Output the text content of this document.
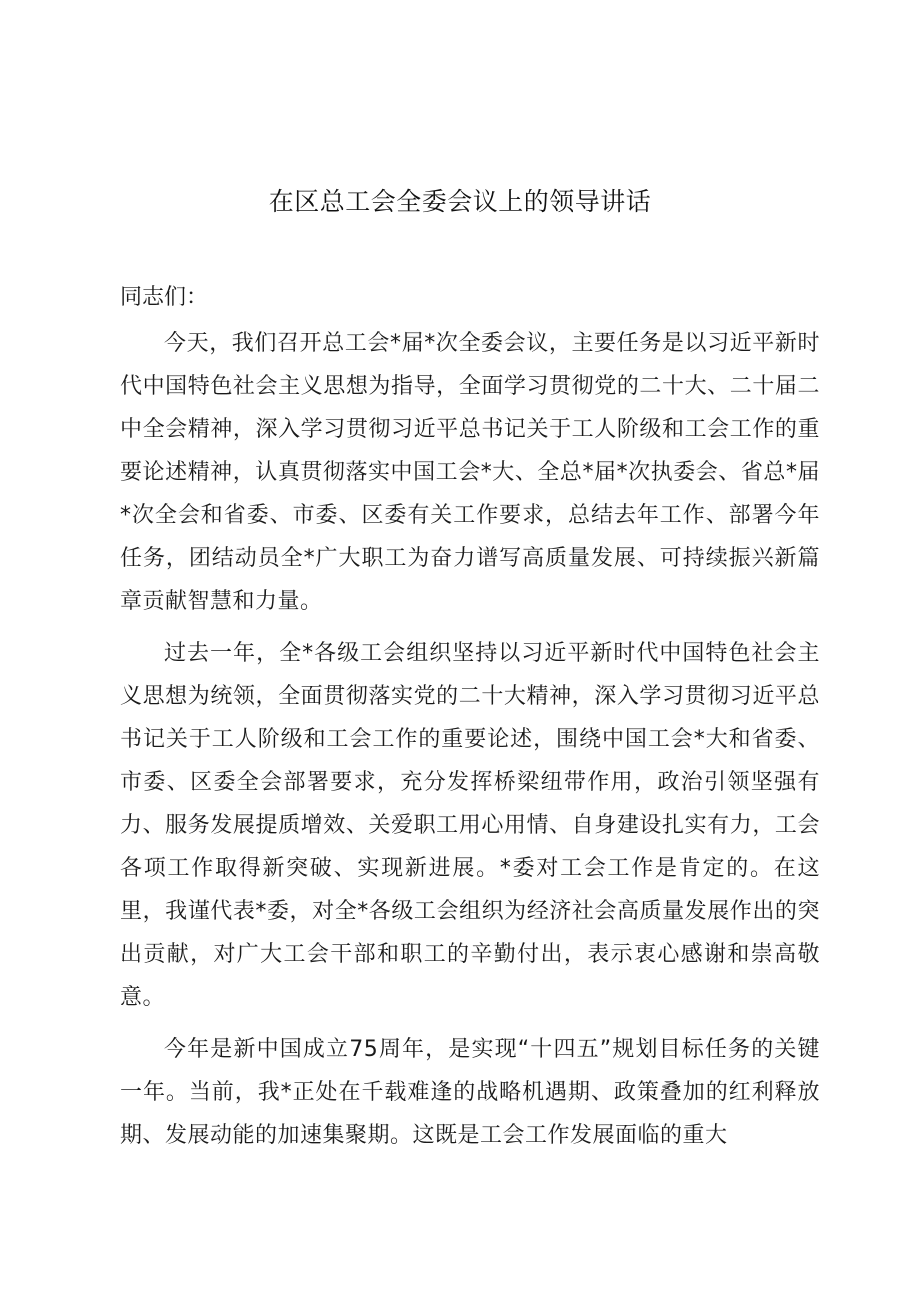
在区总工会全委会议上的领导讲话

同志们：

今天，我们召开总工会*届*次全委会议，主要任务是以习近平新时代中国特色社会主义思想为指导，全面学习贯彻党的二十大、二十届二中全会精神，深入学习贯彻习近平总书记关于工人阶级和工会工作的重要论述精神，认真贯彻落实中国工会*大、全总*届*次执委会、省总*届*次全会和省委、市委、区委有关工作要求，总结去年工作、部署今年任务，团结动员全*广大职工为奋力谱写高质量发展、可持续振兴新篇章贡献智慧和力量。

过去一年，全*各级工会组织坚持以习近平新时代中国特色社会主义思想为统领，全面贯彻落实党的二十大精神，深入学习贯彻习近平总书记关于工人阶级和工会工作的重要论述，围绕中国工会*大和省委、市委、区委全会部署要求，充分发挥桥梁纽带作用，政治引领坚强有力、服务发展提质增效、关爱职工用心用情、自身建设扎实有力，工会各项工作取得新突破、实现新进展。*委对工会工作是肯定的。在这里，我谨代表*委，对全*各级工会组织为经济社会高质量发展作出的突出贡献，对广大工会干部和职工的辛勤付出，表示衷心感谢和崇高敬意。

今年是新中国成立75周年，是实现“十四五”规划目标任务的关键一年。当前，我*正处在千载难逢的战略机遇期、政策叠加的红利释放期、发展动能的加速集聚期。这既是工会工作发展面临的重大
